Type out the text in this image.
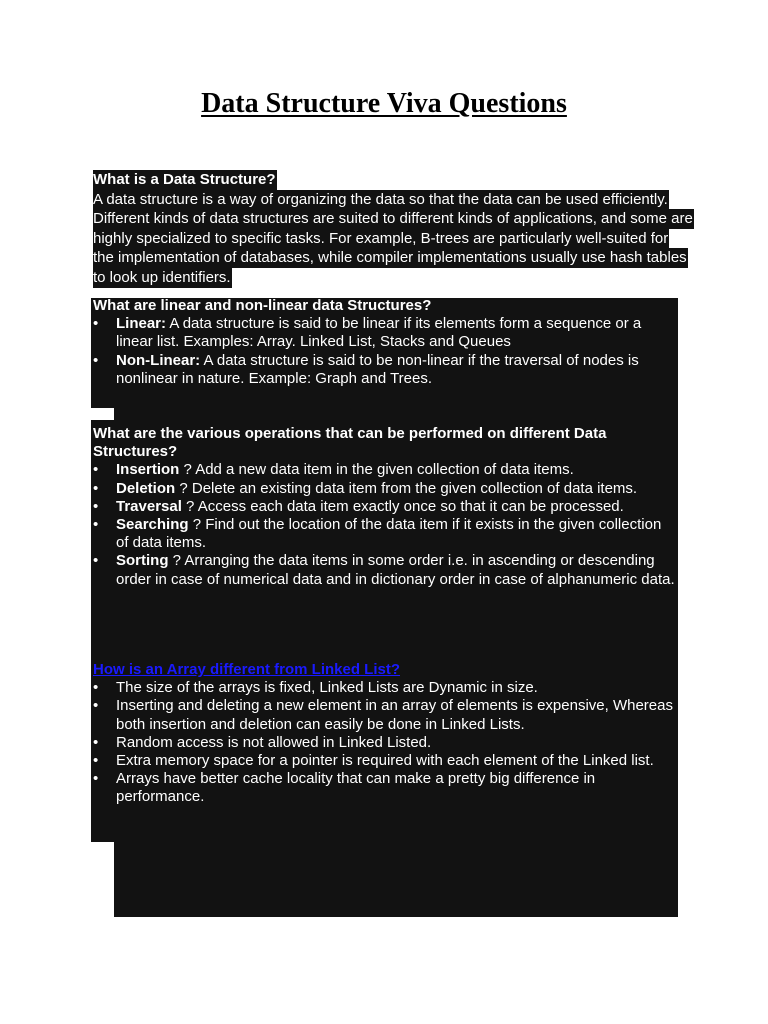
Data Structure Viva Questions

What is a Data Structure?
A data structure is a way of organizing the data so that the data can be used efficiently. Different kinds of data structures are suited to different kinds of applications, and some are highly specialized to specific tasks. For example, B-trees are particularly well-suited for the implementation of databases, while compiler implementations usually use hash tables to look up identifiers.

What are linear and non-linear data Structures?

• Linear: A data structure is said to be linear if its elements form a sequence or a linear list. Examples: Array. Linked List, Stacks and Queues
• Non-Linear: A data structure is said to be non-linear if the traversal of nodes is nonlinear in nature. Example: Graph and Trees.

What are the various operations that can be performed on different Data Structures?

• Insertion ? Add a new data item in the given collection of data items.
• Deletion ? Delete an existing data item from the given collection of data items.
• Traversal ? Access each data item exactly once so that it can be processed.
• Searching ? Find out the location of the data item if it exists in the given collection of data items.
• Sorting ? Arranging the data items in some order i.e. in ascending or descending order in case of numerical data and in dictionary order in case of alphanumeric data.

How is an Array different from Linked List?

• The size of the arrays is fixed, Linked Lists are Dynamic in size.
• Inserting and deleting a new element in an array of elements is expensive, Whereas both insertion and deletion can easily be done in Linked Lists.
• Random access is not allowed in Linked Listed.
• Extra memory space for a pointer is required with each element of the Linked list.
• Arrays have better cache locality that can make a pretty big difference in performance.
